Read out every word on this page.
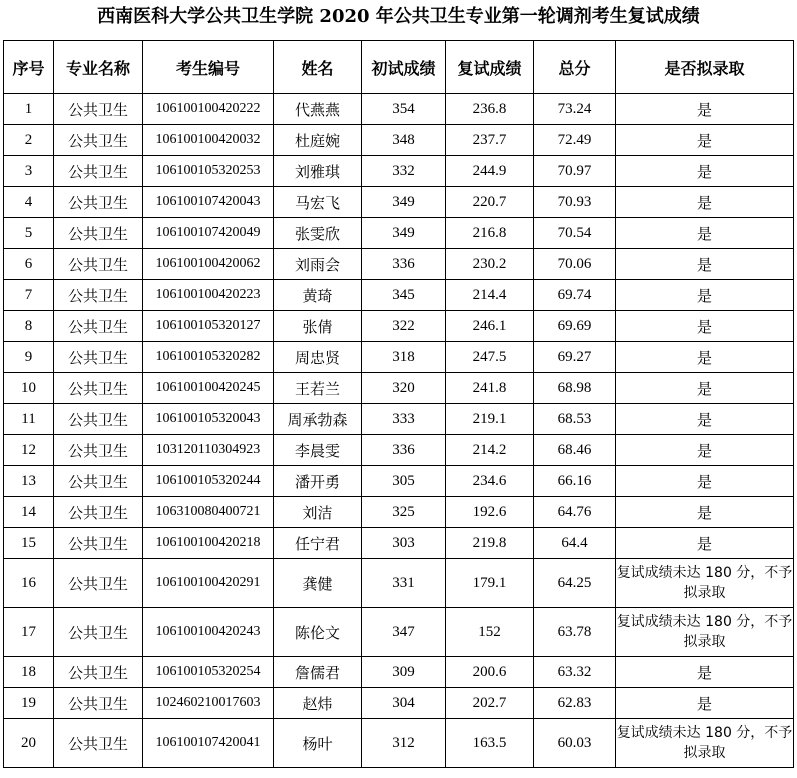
西南医科大学公共卫生学院 2020 年公共卫生专业第一轮调剂考生复试成绩
序号	专业名称	考生编号	姓名	初试成绩	复试成绩	总分	是否拟录取
1	公共卫生	106100100420222	代燕燕	354	236.8	73.24	是
2	公共卫生	106100100420032	杜庭婉	348	237.7	72.49	是
3	公共卫生	106100105320253	刘雅琪	332	244.9	70.97	是
4	公共卫生	106100107420043	马宏飞	349	220.7	70.93	是
5	公共卫生	106100107420049	张雯欣	349	216.8	70.54	是
6	公共卫生	106100100420062	刘雨会	336	230.2	70.06	是
7	公共卫生	106100100420223	黄琦	345	214.4	69.74	是
8	公共卫生	106100105320127	张倩	322	246.1	69.69	是
9	公共卫生	106100105320282	周忠贤	318	247.5	69.27	是
10	公共卫生	106100100420245	王若兰	320	241.8	68.98	是
11	公共卫生	106100105320043	周承勃森	333	219.1	68.53	是
12	公共卫生	103120110304923	李晨雯	336	214.2	68.46	是
13	公共卫生	106100105320244	潘开勇	305	234.6	66.16	是
14	公共卫生	106310080400721	刘洁	325	192.6	64.76	是
15	公共卫生	106100100420218	任宁君	303	219.8	64.4	是
16	公共卫生	106100100420291	龚健	331	179.1	64.25	复试成绩未达 180 分，不予拟录取
17	公共卫生	106100100420243	陈伦文	347	152	63.78	复试成绩未达 180 分，不予拟录取
18	公共卫生	106100105320254	詹儒君	309	200.6	63.32	是
19	公共卫生	102460210017603	赵炜	304	202.7	62.83	是
20	公共卫生	106100107420041	杨叶	312	163.5	60.03	复试成绩未达 180 分，不予拟录取
